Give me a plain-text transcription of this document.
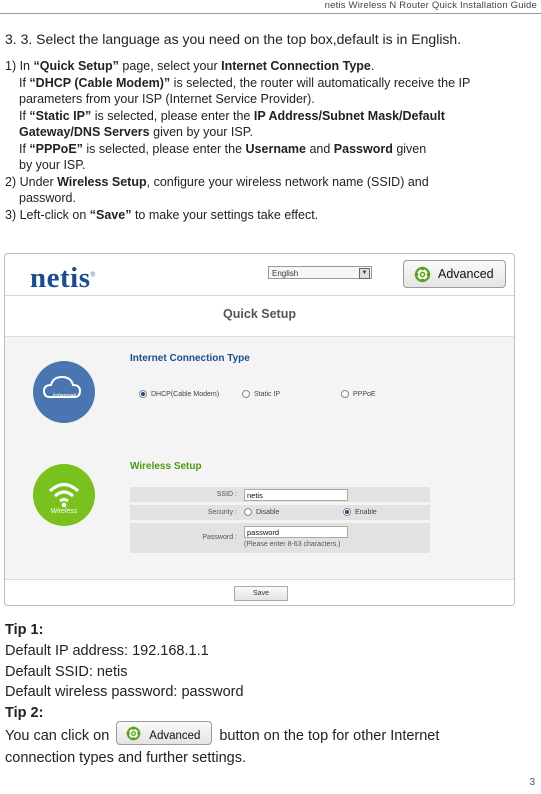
netis Wireless N Router Quick Installation Guide
3. 3. Select the language as you need on the top box,default is in English.
1) In “Quick Setup” page, select your Internet Connection Type.
If “DHCP (Cable Modem)” is selected, the router will automatically receive the IP
parameters from your ISP (Internet Service Provider).
If “Static IP” is selected, please enter the IP Address/Subnet Mask/Default
Gateway/DNS Servers given by your ISP.
If “PPPoE” is selected, please enter the Username and Password given
by your ISP.
2) Under Wireless Setup, configure your wireless network name (SSID) and
password.
3) Left-click on “Save” to make your settings take effect.
netis®	English	▼	Advanced
Quick Setup
internet
Wireless
Internet Connection Type
DHCP(Cable Modem)	Static IP	PPPoE
Wireless Setup
SSID :
netis
Security :	Disable	Enable
Password :
password
(Please enter 8-63 characters.)
Save
Tip 1:
Default IP address: 192.168.1.1
Default SSID: netis
Default wireless password: password
Tip 2:
You can click on	Advanced button on the top for other Internet
connection types and further settings.
3
